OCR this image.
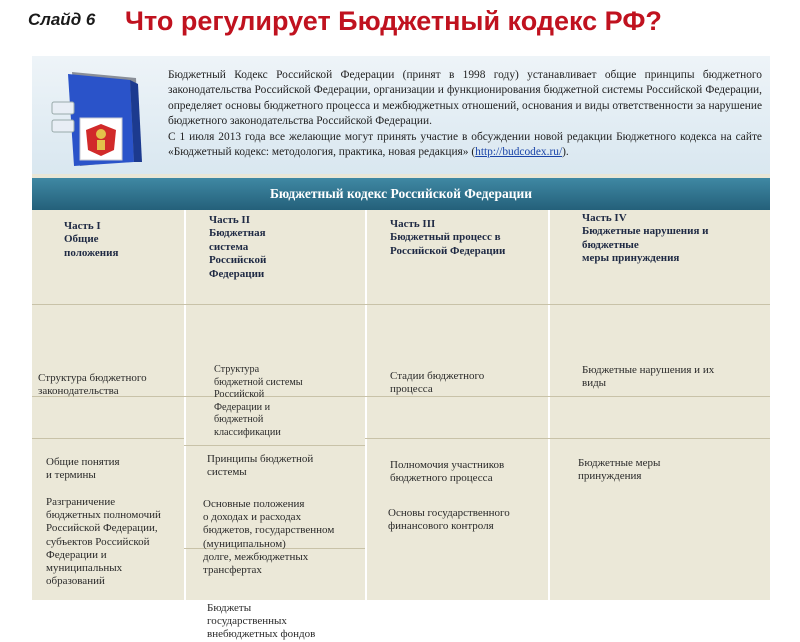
Слайд 6 Что регулирует Бюджетный кодекс РФ?

Бюджетный Кодекс Российской Федерации (принят в 1998 году) устанавливает общие принципы бюджетного законодательства Российской Федерации, организации и функционирования бюджетной системы Российской Федерации, определяет основы бюджетного процесса и межбюджетных отношений, основания и виды ответственности за нарушение бюджетного законодательства Российской Федерации.

С 1 июля 2013 года все желающие могут принять участие в обсуждении новой редакции Бюджетного кодекса на сайте «Бюджетный кодекс: методология, практика, новая редакция» (http://budcodex.ru/).

Бюджетный кодекс Российской Федерации
Часть I
Общие
положения
Часть II
Бюджетная
система
Российской
Федерации
Часть III
Бюджетный процесс в
Российской Федерации
Часть IV
Бюджетные нарушения и
бюджетные
меры принуждения
Структура бюджетного
законодательства
Структура
бюджетной системы
Российской
Федерации и
бюджетной
классификации
Стадии бюджетного
процесса
Бюджетные нарушения и их
виды
Общие понятия
и термины
Принципы бюджетной
системы
Полномочия участников
бюджетного процесса
Бюджетные меры
принуждения
Разграничение
бюджетных полномочий
Российской Федерации,
субъектов Российской
Федерации и
муниципальных
образований
Основные положения
о доходах и расходах
бюджетов, государственном
(муниципальном)
долге, межбюджетных
трансфертах
Основы государственного
финансового контроля
Бюджеты
государственных
внебюджетных фондов
